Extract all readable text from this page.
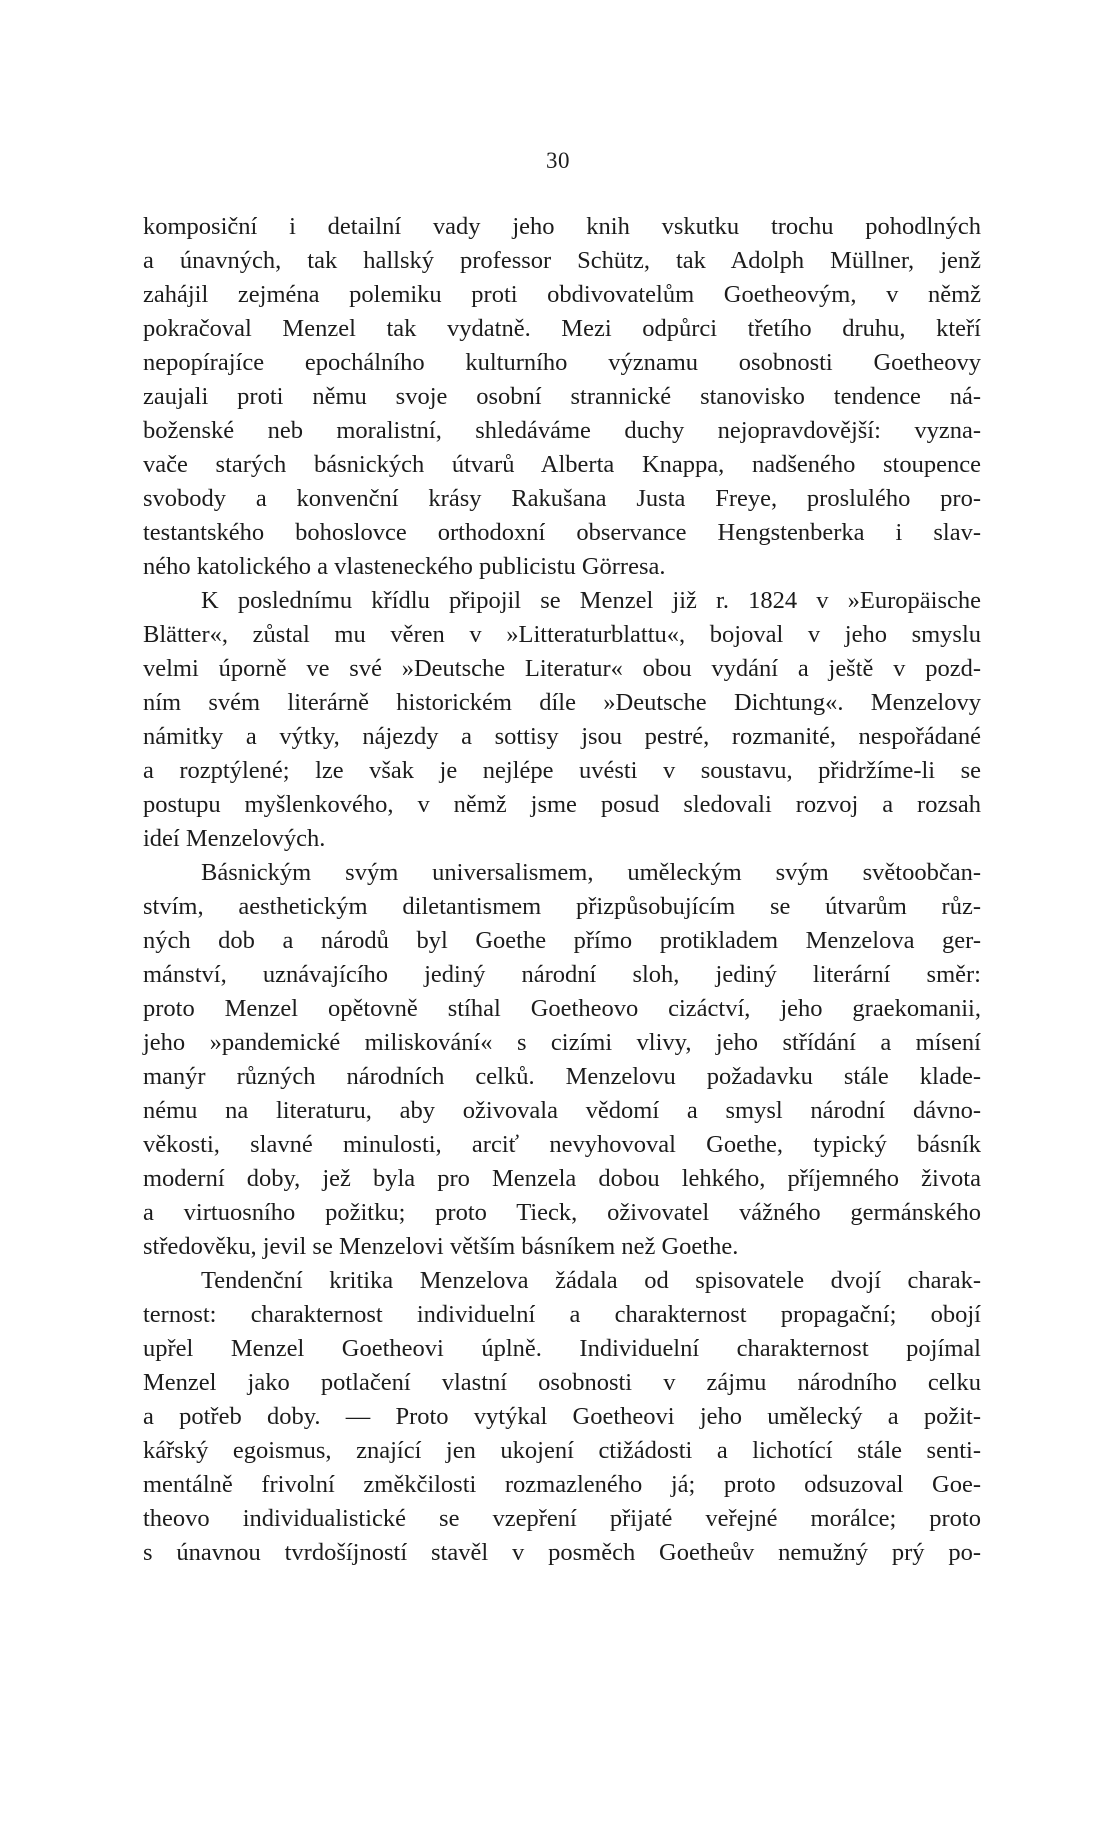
30
komposiční i detailní vady jeho knih vskutku trochu pohodlných
a únavných, tak hallský professor Schütz, tak Adolph Müllner, jenž
zahájil zejména polemiku proti obdivovatelům Goetheovým, v němž
pokračoval Menzel tak vydatně. Mezi odpůrci třetího druhu, kteří
nepopírajíce epochálního kulturního významu osobnosti Goetheovy
zaujali proti němu svoje osobní strannické stanovisko tendence ná-
boženské neb moralistní, shledáváme duchy nejopravdovější: vyzna-
vače starých básnických útvarů Alberta Knappa, nadšeného stoupence
svobody a konvenční krásy Rakušana Justa Freye, proslulého pro-
testantského bohoslovce orthodoxní observance Hengstenberka i slav-
ného katolického a vlasteneckého publicistu Görresa.
K poslednímu křídlu připojil se Menzel již r. 1824 v »Europäische
Blätter«, zůstal mu věren v »Litteraturblattu«, bojoval v jeho smyslu
velmi úporně ve své »Deutsche Literatur« obou vydání a ještě v pozd-
ním svém literárně historickém díle »Deutsche Dichtung«. Menzelovy
námitky a výtky, nájezdy a sottisy jsou pestré, rozmanité, nespořádané
a rozptýlené; lze však je nejlépe uvésti v soustavu, přidržíme-li se
postupu myšlenkového, v němž jsme posud sledovali rozvoj a rozsah
ideí Menzelových.
Básnickým svým universalismem, uměleckým svým světoobčan-
stvím, aesthetickým diletantismem přizpůsobujícím se útvarům růz-
ných dob a národů byl Goethe přímo protikladem Menzelova ger-
mánství, uznávajícího jediný národní sloh, jediný literární směr:
proto Menzel opětovně stíhal Goetheovo cizáctví, jeho graekomanii,
jeho »pandemické miliskování« s cizími vlivy, jeho střídání a mísení
manýr různých národních celků. Menzelovu požadavku stále klade-
nému na literaturu, aby oživovala vědomí a smysl národní dávno-
věkosti, slavné minulosti, arciť nevyhovoval Goethe, typický básník
moderní doby, jež byla pro Menzela dobou lehkého, příjemného života
a virtuosního požitku; proto Tieck, oživovatel vážného germánského
středověku, jevil se Menzelovi větším básníkem než Goethe.
Tendenční kritika Menzelova žádala od spisovatele dvojí charak-
ternost: charakternost individuelní a charakternost propagační; obojí
upřel Menzel Goetheovi úplně. Individuelní charakternost pojímal
Menzel jako potlačení vlastní osobnosti v zájmu národního celku
a potřeb doby. — Proto vytýkal Goetheovi jeho umělecký a požit-
kářský egoismus, znající jen ukojení ctižádosti a lichotící stále senti-
mentálně frivolní změkčilosti rozmazleného já; proto odsuzoval Goe-
theovo individualistické se vzepření přijaté veřejné morálce; proto
s únavnou tvrdošíjností stavěl v posměch Goetheův nemužný prý po-
